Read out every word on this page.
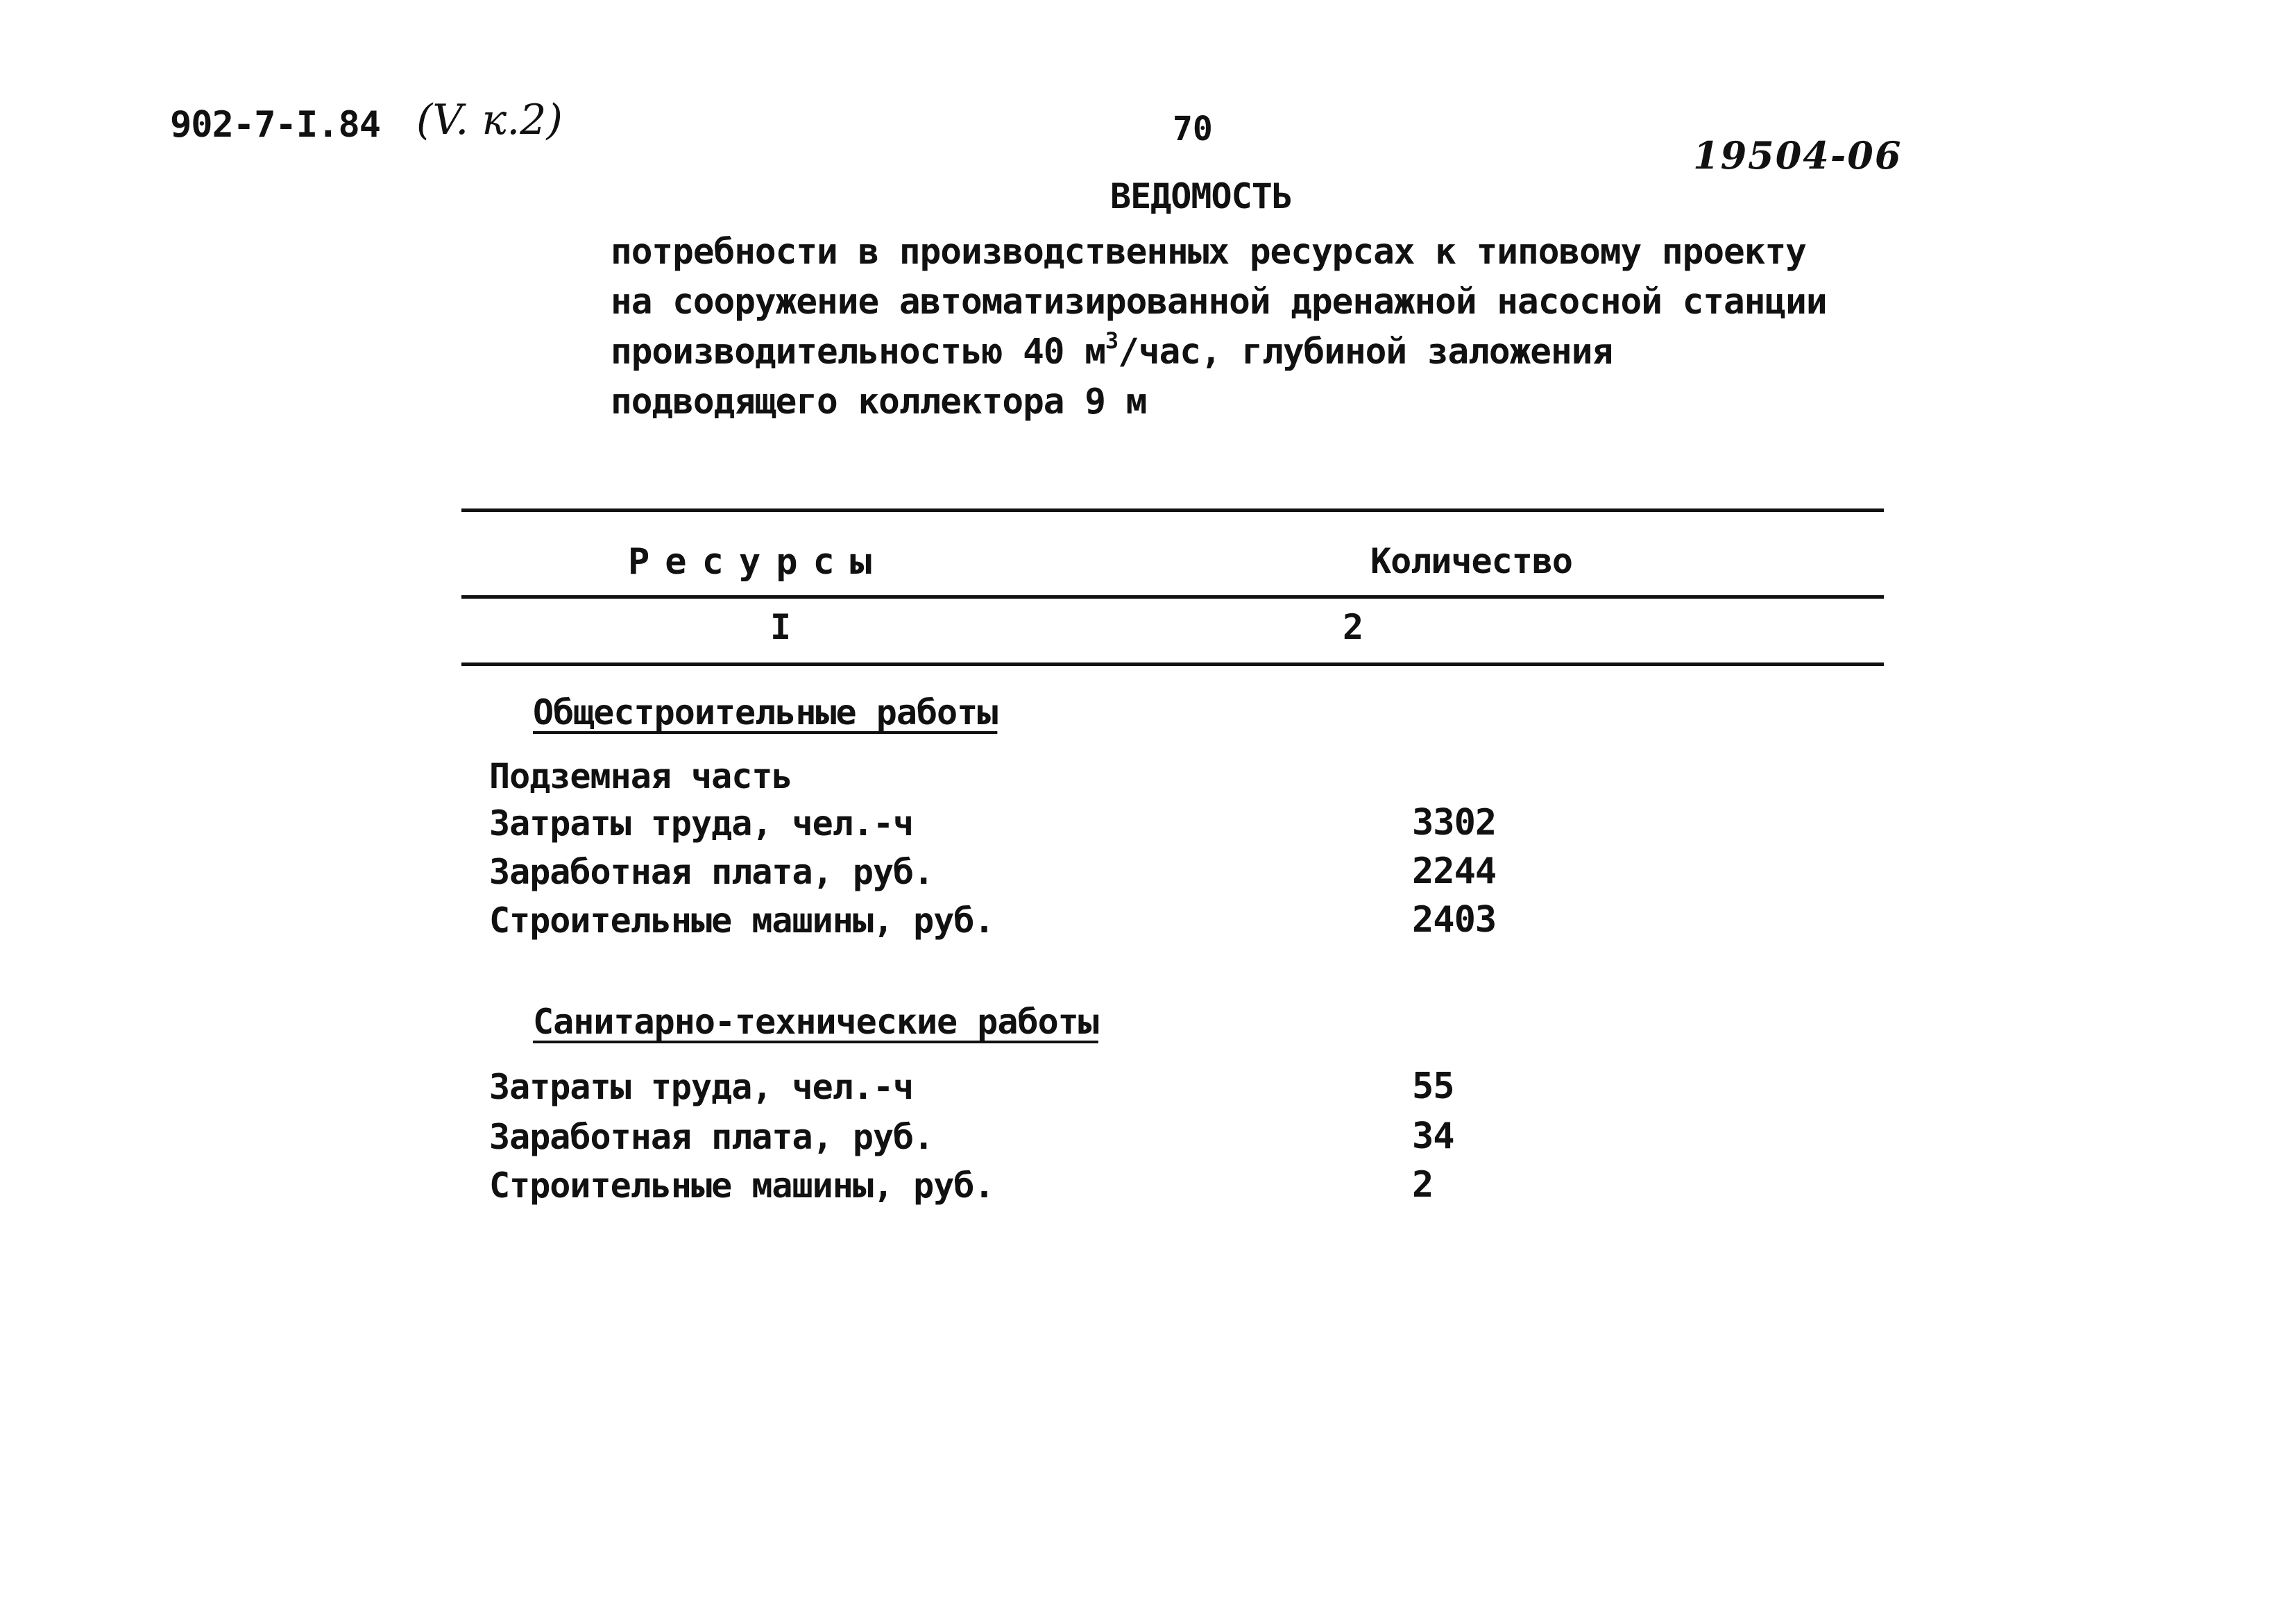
902-7-I.84 (V. к.2)	70
19504-06
ВЕДОМОСТЬ
потребности в производственных ресурсах к типовому проекту
на сооружение автоматизированной дренажной насосной станции
производительностью 40 $м^3$/час, глубиной заложения
подводящего коллектора 9 м
Ресурсы	Количество
I	2
Общестроительные работы
Подземная часть
Затраты труда, чел.-ч	3302
Заработная плата, руб.	2244
Строительные машины, руб.	2403
Санитарно-технические работы
Затраты труда, чел.-ч	55
Заработная плата, руб.	34
Строительные машины, руб.	2
